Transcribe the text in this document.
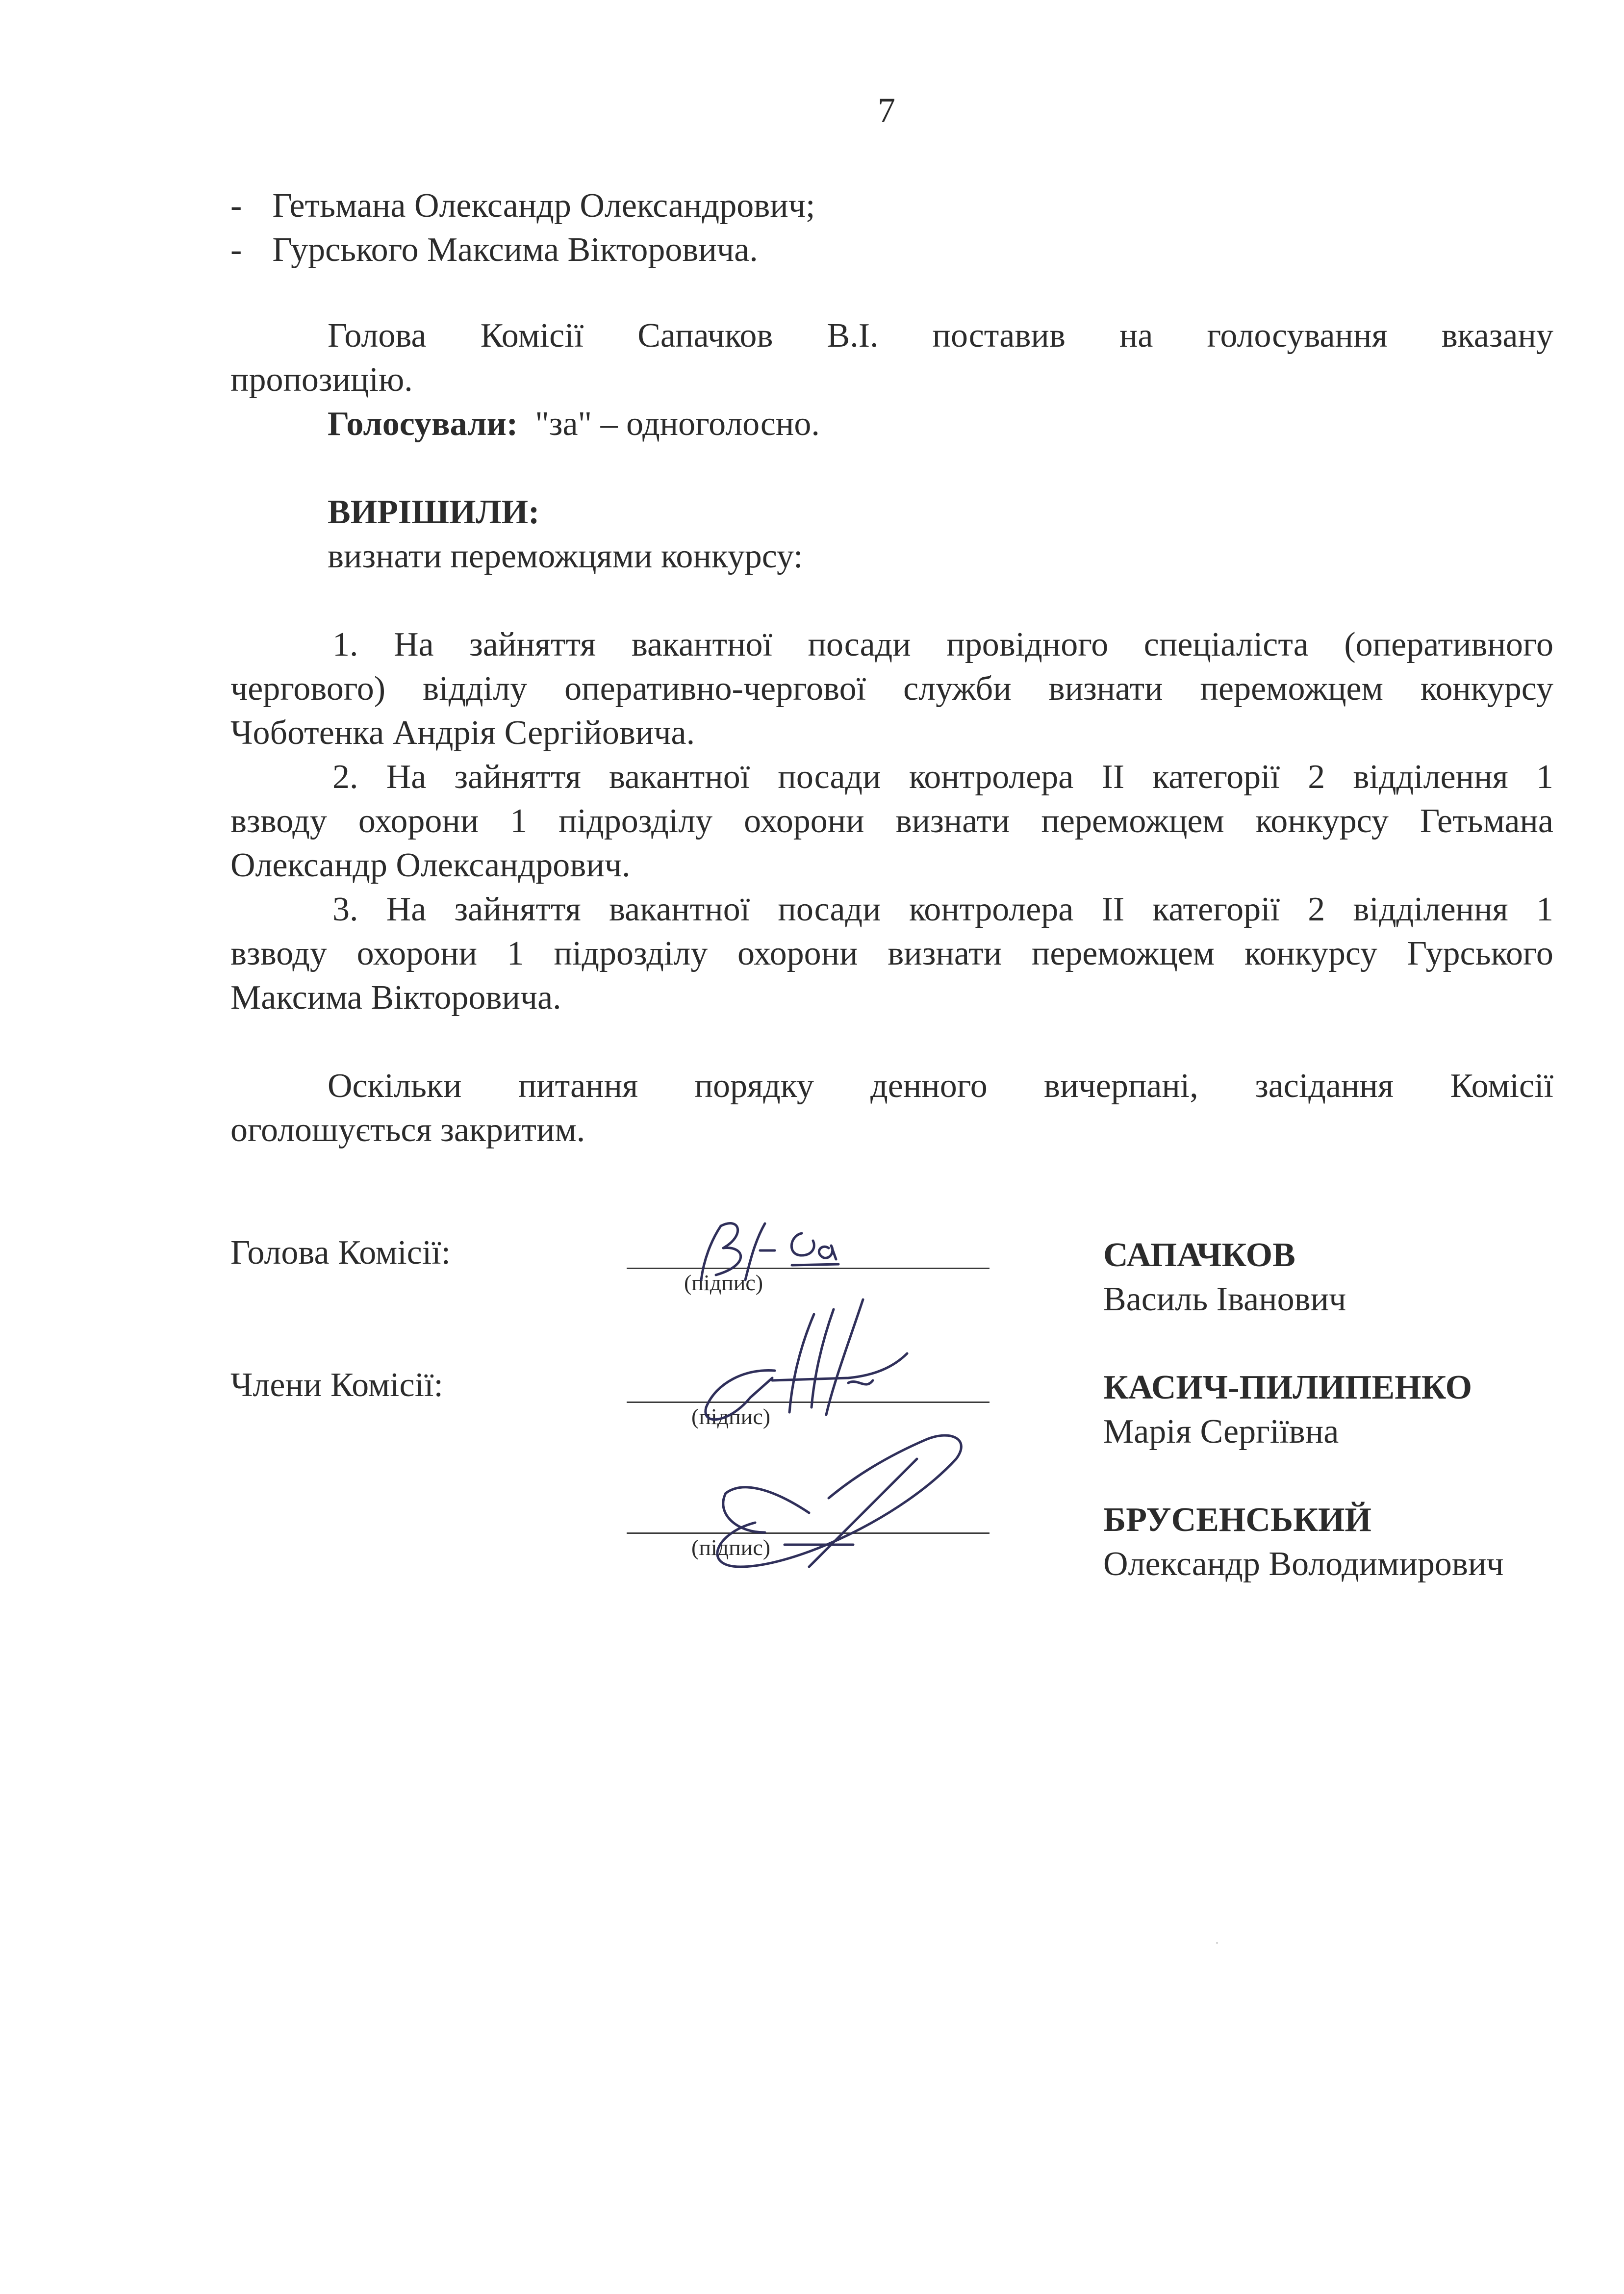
7
- Гетьмана Олександр Олександрович;
- Гурського Максима Вікторовича.
Голова Комісії Сапачков В.І. поставив на голосування вказану
пропозицію.
Голосували: "за" – одноголосно.
ВИРІШИЛИ:
визнати переможцями конкурсу:
1. На зайняття вакантної посади провідного спеціаліста (оперативного
чергового) відділу оперативно-чергової служби визнати переможцем конкурсу
Чоботенка Андрія Сергійовича.
2. На зайняття вакантної посади контролера ІІ категорії 2 відділення 1
взводу охорони 1 підрозділу охорони визнати переможцем конкурсу Гетьмана
Олександр Олександрович.
3. На зайняття вакантної посади контролера ІІ категорії 2 відділення 1
взводу охорони 1 підрозділу охорони визнати переможцем конкурсу Гурського
Максима Вікторовича.
Оскільки питання порядку денного вичерпані, засідання Комісії
оголошується закритим.
Голова Комісії:
Члени Комісії:
(підпис)
(підпис)
(підпис)
САПАЧКОВ
Василь Іванович
КАСИЧ-ПИЛИПЕНКО
Марія Сергіївна
БРУСЕНСЬКИЙ
Олександр Володимирович
